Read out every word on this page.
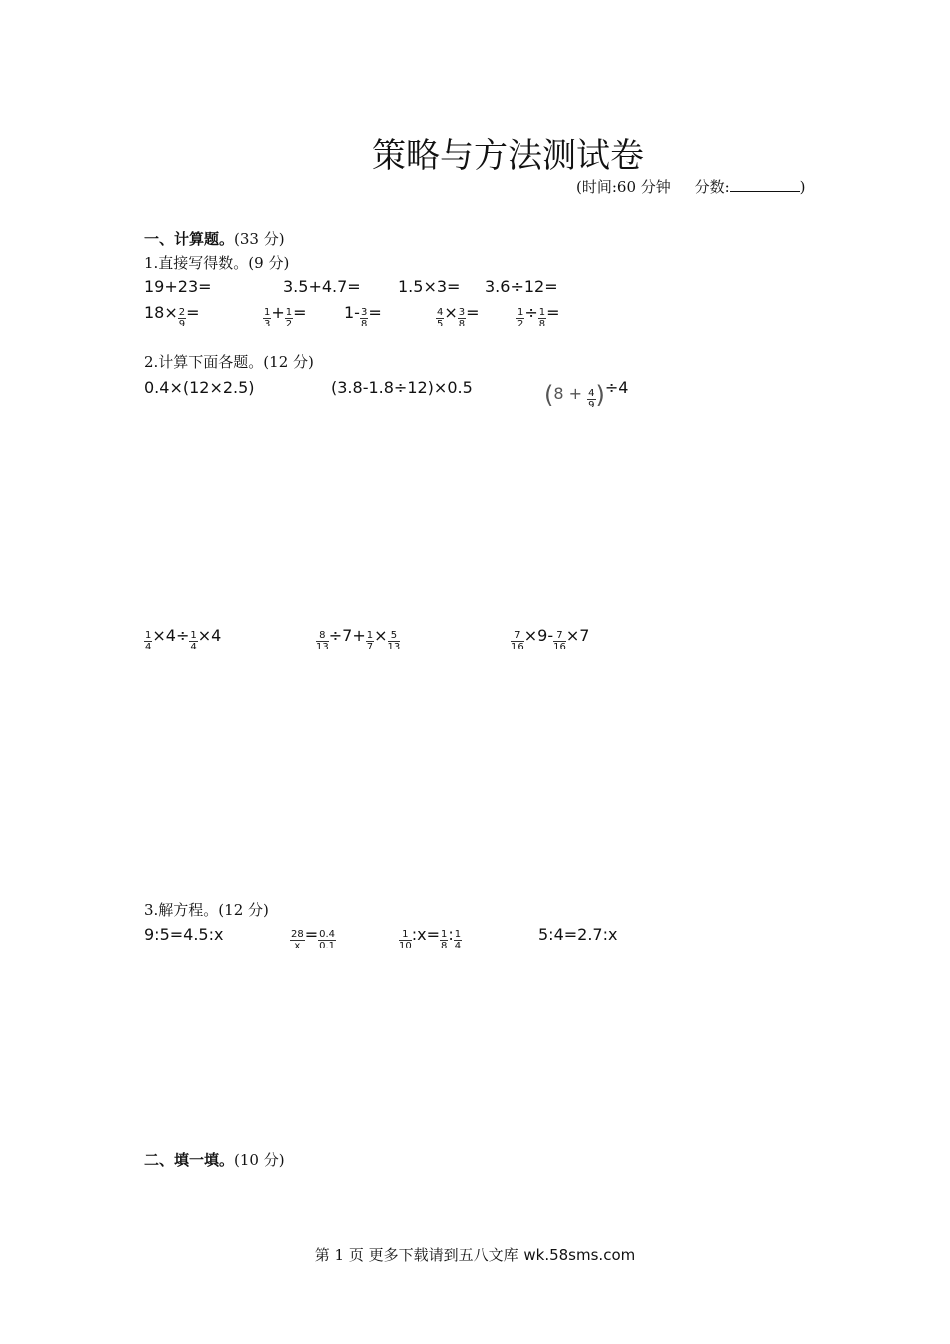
策略与方法测试卷
(时间:60 分钟 分数:	)
一、计算题。(33 分)
1.直接写得数。(9 分)
19+23=	3.5+4.7= 1.5×3= 3.6÷12=
$18\times \frac{2}{9}$ =	$\frac{1}{3} + \frac{1}{2} = 1- \frac{3}{8}$ =	$\frac{4}{5} \times \frac{3}{8}$ =	$\frac{1}{2} \div \frac{1}{8}$ =
2.计算下面各题。(12 分)
0.4×(12×2.5)	(3.8-1.8÷12)×0.5	$(8 + \frac{4}{9} )\div 4$
$\frac{1}{4} \times 4\div \frac{1}{4} \times 4$	$\frac{8}{13} \div 7+ \frac{1}{7} \times \frac{5}{13}$	$\frac{7}{16} \times 9- \frac{7}{16} \times 7$
3.解方程。(12 分)
9:5=4.5:x	$\frac{28}{x} = \frac{0.4}{0.1}$	$\frac{1}{10}$ :x= $\frac{1}{8}$ : $\frac{1}{4}$	5:4=2.7:x
二、填一填。(10 分)
第 1 页 更多下载请到五八文库 wk.58sms.com
